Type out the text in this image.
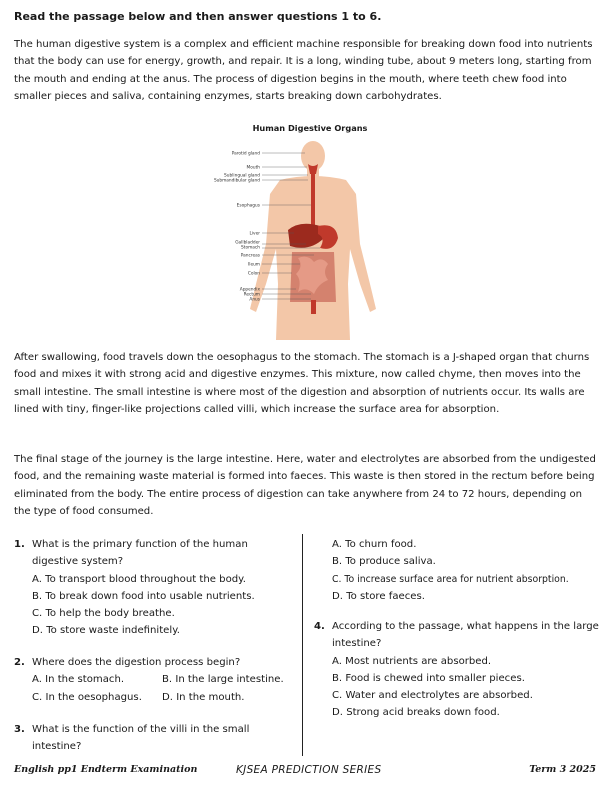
Read the passage below and then answer questions 1 to 6.

The human digestive system is a complex and efficient machine responsible for breaking down food into nutrients that the body can use for energy, growth, and repair. It is a long, winding tube, about 9 meters long, starting from the mouth and ending at the anus. The process of digestion begins in the mouth, where teeth chew food into smaller pieces and saliva, containing enzymes, starts breaking down carbohydrates.

Human Digestive Organs
Parotid gland
Mouth
Sublingual gland
Submandibular gland
Esophagus
Liver
Gallbladder
Stomach
Pancreas
Ileum
Colon
Appendix
Rectum
Anus

After swallowing, food travels down the oesophagus to the stomach. The stomach is a J-shaped organ that churns food and mixes it with strong acid and digestive enzymes. This mixture, now called chyme, then moves into the small intestine. The small intestine is where most of the digestion and absorption of nutrients occur. Its walls are lined with tiny, finger-like projections called villi, which increase the surface area for absorption.

The final stage of the journey is the large intestine. Here, water and electrolytes are absorbed from the undigested food, and the remaining waste material is formed into faeces. This waste is then stored in the rectum before being eliminated from the body. The entire process of digestion can take anywhere from 24 to 72 hours, depending on the type of food consumed.

1. What is the primary function of the human digestive system?
A. To transport blood throughout the body.
B. To break down food into usable nutrients.
C. To help the body breathe.
D. To store waste indefinitely.
2. Where does the digestion process begin?
A. In the stomach.	B. In the large intestine.
C. In the oesophagus.	D. In the mouth.
3. What is the function of the villi in the small intestine?
A. To churn food.
B. To produce saliva.
C. To increase surface area for nutrient absorption.
D. To store faeces.
4. According to the passage, what happens in the large intestine?
A. Most nutrients are absorbed.
B. Food is chewed into smaller pieces.
C. Water and electrolytes are absorbed.
D. Strong acid breaks down food.
English pp1 Endterm Examination	KJSEA PREDICTION SERIES	Term 3 2025
